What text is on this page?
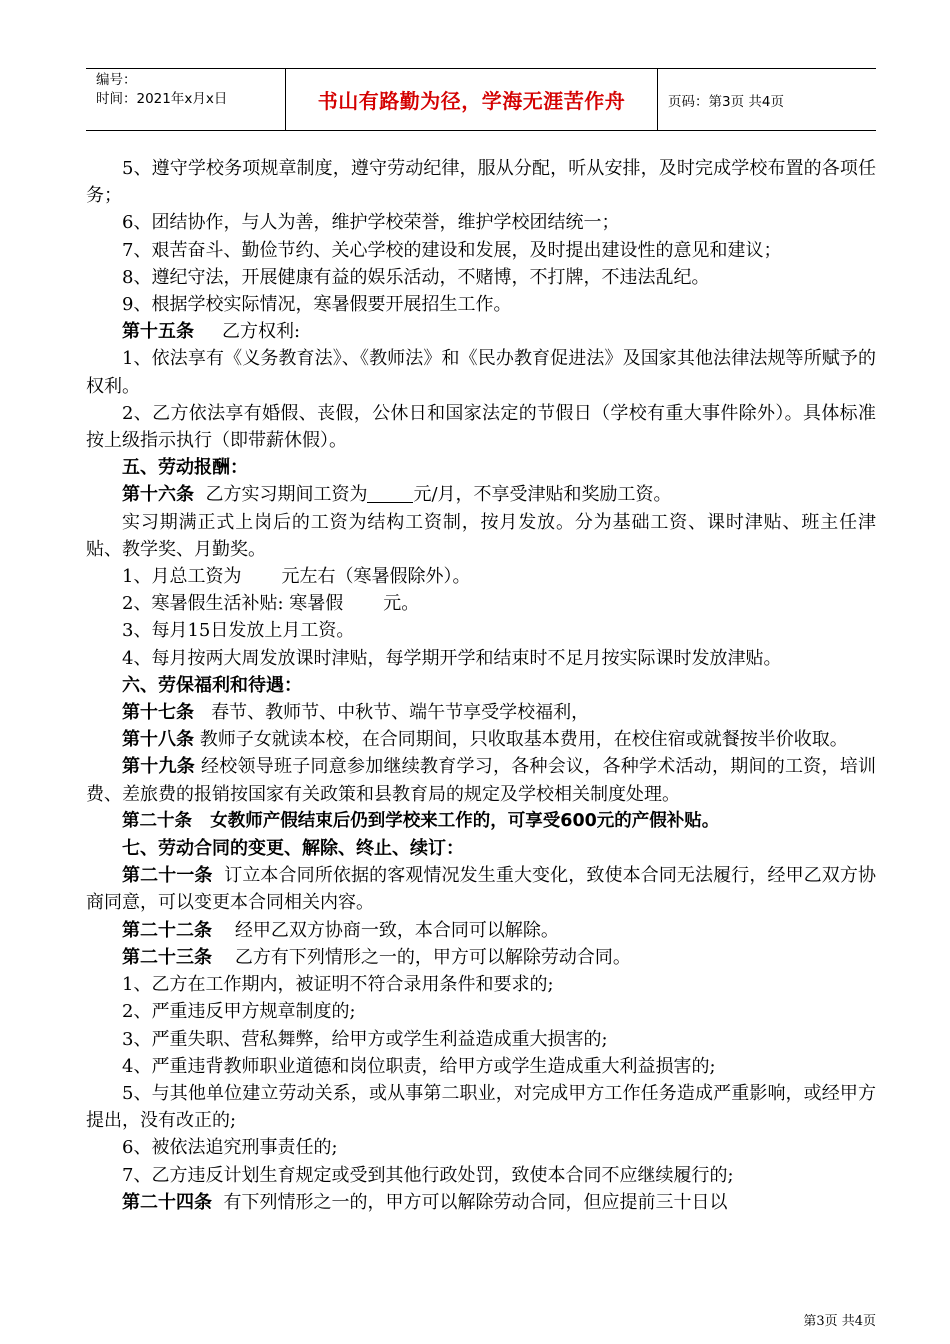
编号：
时间：2021年x月x日	书山有路勤为径，学海无涯苦作舟	页码：第3页 共4页

5、遵守学校务项规章制度，遵守劳动纪律，服从分配，听从安排，及时完成学校布置的各项任务；

6、团结协作，与人为善，维护学校荣誉，维护学校团结统一；

7、艰苦奋斗、勤俭节约、关心学校的建设和发展，及时提出建设性的意见和建议；

8、遵纪守法，开展健康有益的娱乐活动，不赌博，不打牌，不违法乱纪。

9、根据学校实际情况，寒暑假要开展招生工作。

第十五条 乙方权利:

1、依法享有《义务教育法》、《教师法》和《民办教育促进法》及国家其他法律法规等所赋予的权利。

2、乙方依法享有婚假、丧假，公休日和国家法定的节假日（学校有重大事件除外）。具体标准按上级指示执行（即带薪休假）。

五、劳动报酬：

第十六条 乙方实习期间工资为	元/月，不享受津贴和奖励工资。

实习期满正式上岗后的工资为结构工资制，按月发放。分为基础工资、课时津贴、班主任津贴、教学奖、月勤奖。

1、月总工资为 元左右（寒暑假除外）。

2、寒暑假生活补贴: 寒暑假 元。

3、每月15日发放上月工资。

4、每月按两大周发放课时津贴，每学期开学和结束时不足月按实际课时发放津贴。

六、劳保福利和待遇：

第十七条 春节、教师节、中秋节、端午节享受学校福利，

第十八条 教师子女就读本校，在合同期间，只收取基本费用，在校住宿或就餐按半价收取。

第十九条 经校领导班子同意参加继续教育学习，各种会议，各种学术活动，期间的工资，培训费、差旅费的报销按国家有关政策和县教育局的规定及学校相关制度处理。

第二十条 女教师产假结束后仍到学校来工作的，可享受600元的产假补贴。

七、劳动合同的变更、解除、终止、续订：

第二十一条 订立本合同所依据的客观情况发生重大变化，致使本合同无法履行，经甲乙双方协商同意，可以变更本合同相关内容。

第二十二条 经甲乙双方协商一致，本合同可以解除。

第二十三条 乙方有下列情形之一的，甲方可以解除劳动合同。

1、乙方在工作期内，被证明不符合录用条件和要求的;

2、严重违反甲方规章制度的;

3、严重失职、营私舞弊，给甲方或学生利益造成重大损害的;

4、严重违背教师职业道德和岗位职责，给甲方或学生造成重大利益损害的;

5、与其他单位建立劳动关系，或从事第二职业，对完成甲方工作任务造成严重影响，或经甲方提出，没有改正的;

6、被依法追究刑事责任的;

7、乙方违反计划生育规定或受到其他行政处罚，致使本合同不应继续履行的;

第二十四条 有下列情形之一的，甲方可以解除劳动合同，但应提前三十日以

第3页 共4页
